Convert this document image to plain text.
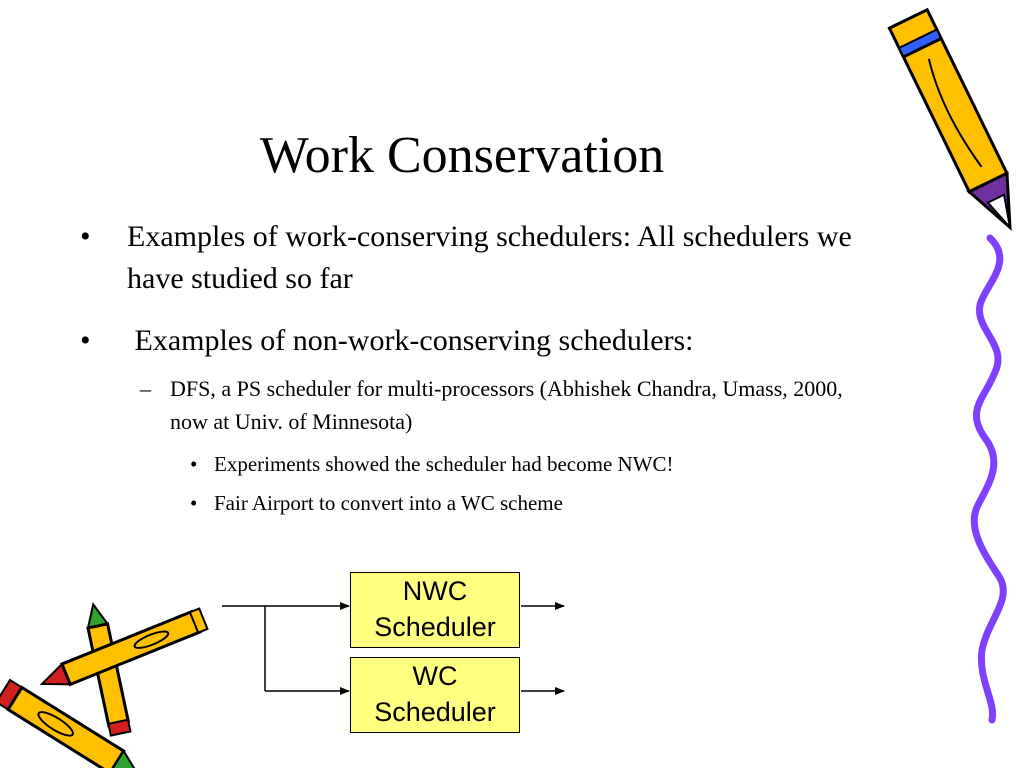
Work Conservation
• Examples of work-conserving schedulers: All schedulers we have studied so far
• Examples of non-work-conserving schedulers:
– DFS, a PS scheduler for multi-processors (Abhishek Chandra, Umass, 2000, now at Univ. of Minnesota)
• Experiments showed the scheduler had become NWC!
• Fair Airport to convert into a WC scheme
NWC
Scheduler
WC
Scheduler
